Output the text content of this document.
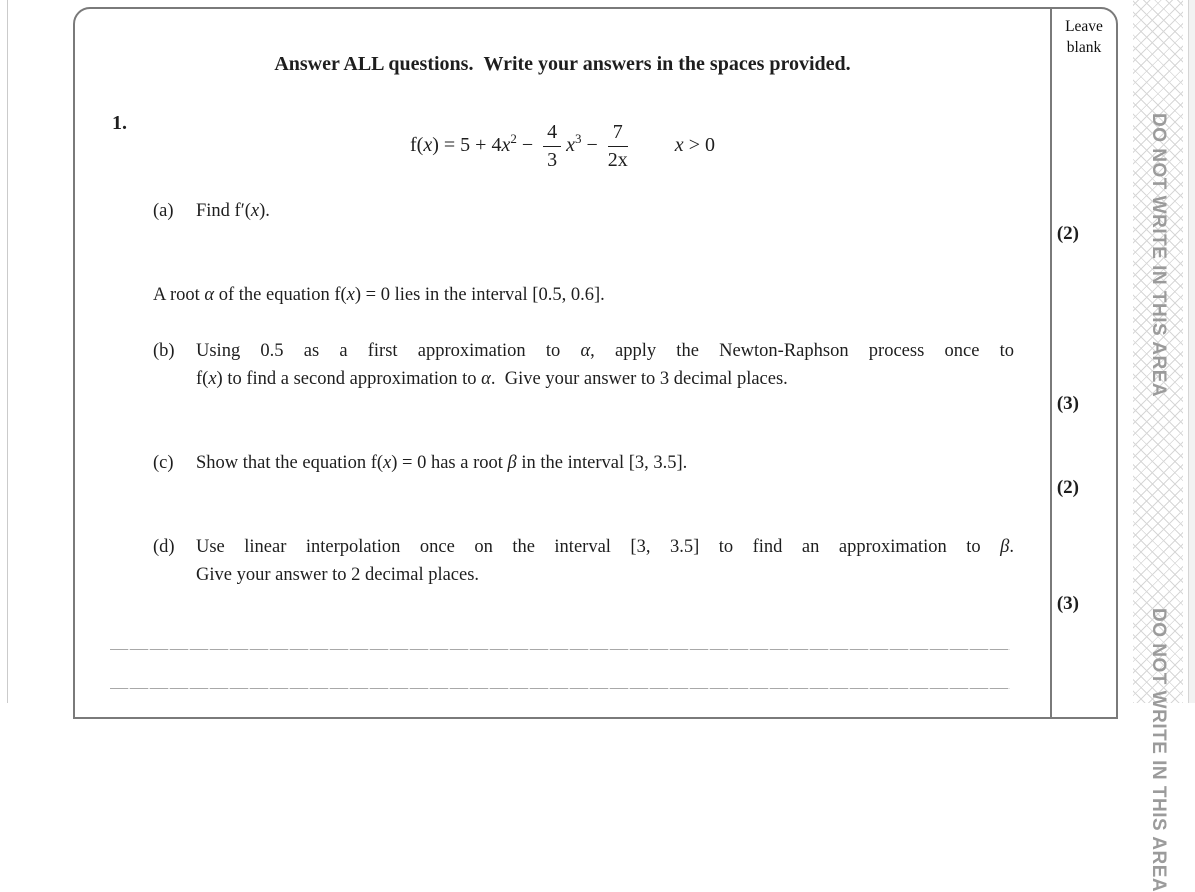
Answer ALL questions. Write your answers in the spaces provided.
1.
$f(x) = 5 + 4x^2 - \frac{4}{3} x^3 - \frac{7}{2x}$ x > 0
(a) Find f′(x).
(2)
A root α of the equation f(x) = 0 lies in the interval [0.5, 0.6].
(b)	Using 0.5 as a first approximation to α, apply the Newton-Raphson process once to
f(x) to find a second approximation to α. Give your answer to 3 decimal places.
(3)
(c) Show that the equation f(x) = 0 has a root β in the interval [3, 3.5].
(2)
(d)	Use linear interpolation once on the interval [3, 3.5] to find an approximation to β.
Give your answer to 2 decimal places.
(3)
Leave blank
DO NOT WRITE IN THIS AREA
DO NOT WRITE IN THIS AREA
